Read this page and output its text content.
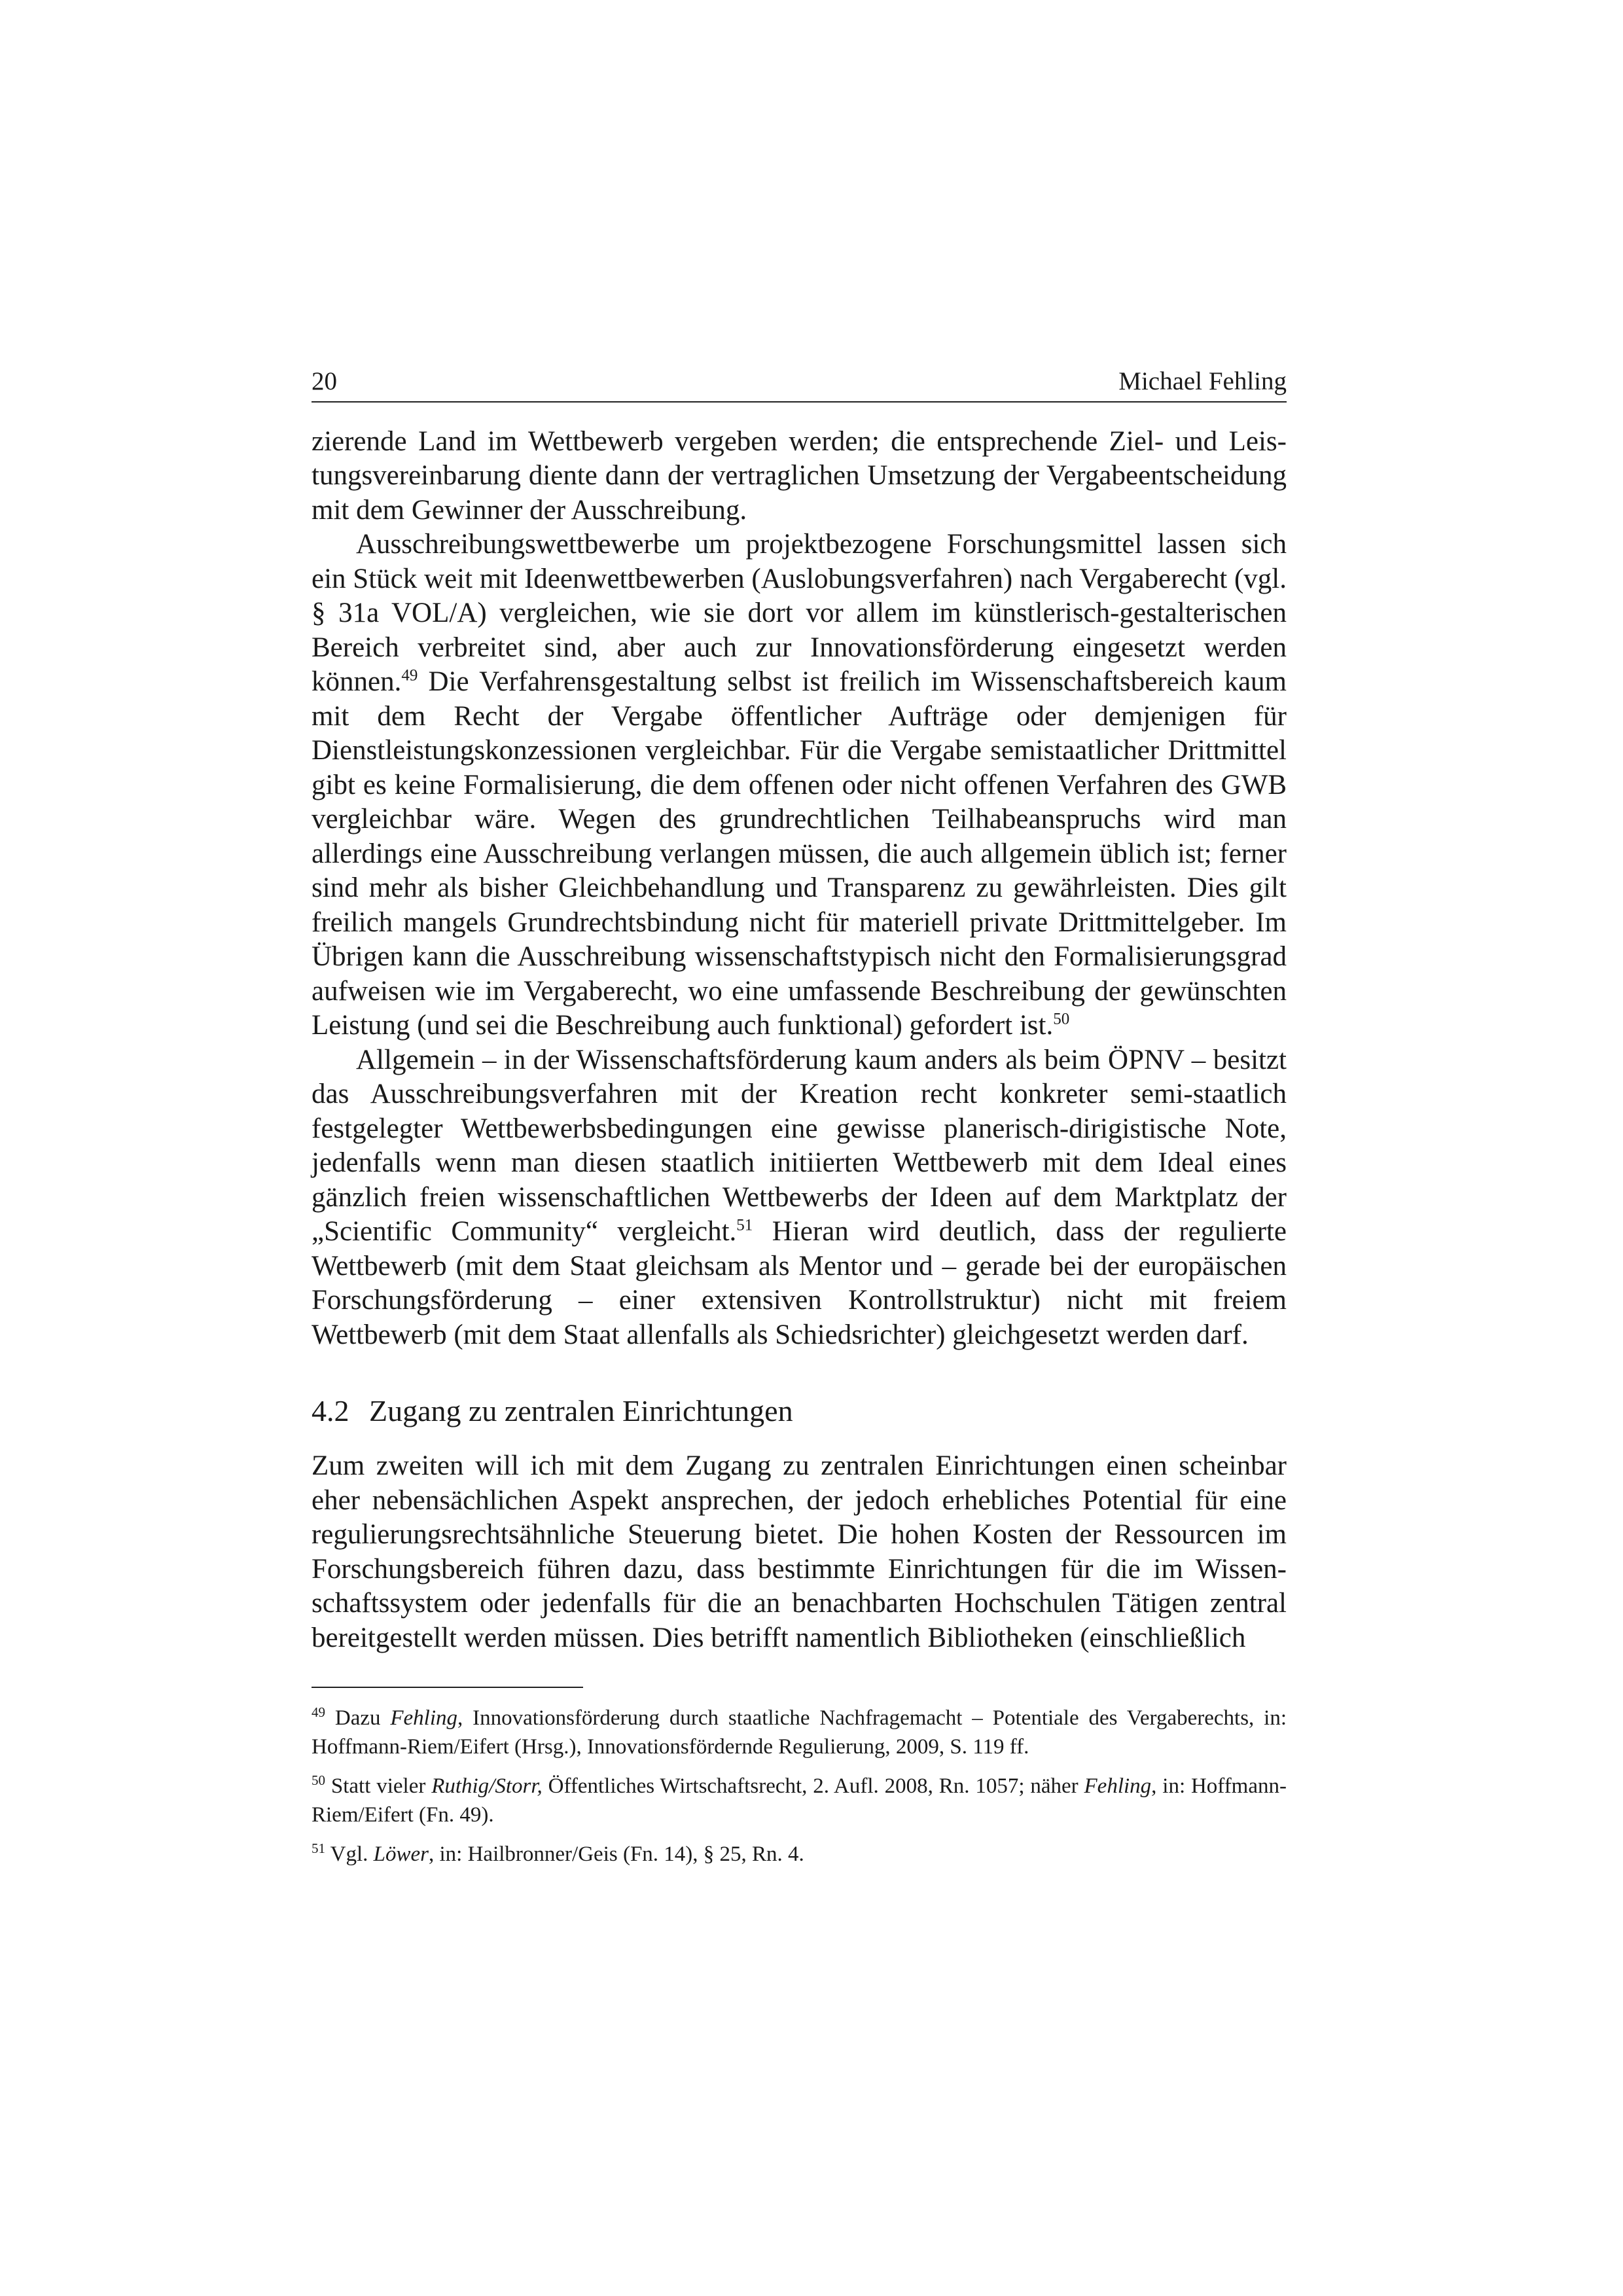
20	Michael Fehling

zierende Land im Wettbewerb vergeben werden; die entsprechende Ziel- und Leistungsvereinbarung diente dann der vertraglichen Umsetzung der Vergabeentscheidung mit dem Gewinner der Ausschreibung.

Ausschreibungswettbewerbe um projektbezogene Forschungsmittel lassen sich ein Stück weit mit Ideenwettbewerben (Auslobungsverfahren) nach Vergaberecht (vgl. § 31a VOL/A) vergleichen, wie sie dort vor allem im künstlerisch-gestalterischen Bereich verbreitet sind, aber auch zur Innovationsförderung eingesetzt werden können.$^{49}$ Die Verfahrensgestaltung selbst ist freilich im Wissenschaftsbereich kaum mit dem Recht der Vergabe öffentlicher Aufträge oder demjenigen für Dienstleistungskonzessionen vergleichbar. Für die Vergabe semistaatlicher Drittmittel gibt es keine Formalisierung, die dem offenen oder nicht offenen Verfahren des GWB vergleichbar wäre. Wegen des grundrechtlichen Teilhabeanspruchs wird man allerdings eine Ausschreibung verlangen müssen, die auch allgemein üblich ist; ferner sind mehr als bisher Gleichbehandlung und Transparenz zu gewährleisten. Dies gilt freilich mangels Grundrechtsbindung nicht für materiell private Drittmittelgeber. Im Übrigen kann die Ausschreibung wissenschaftstypisch nicht den Formalisierungsgrad aufweisen wie im Vergaberecht, wo eine umfassende Beschreibung der gewünschten Leistung (und sei die Beschreibung auch funktional) gefordert ist.$^{50}$

Allgemein – in der Wissenschaftsförderung kaum anders als beim ÖPNV – besitzt das Ausschreibungsverfahren mit der Kreation recht konkreter semi-staatlich festgelegter Wettbewerbsbedingungen eine gewisse planerisch-dirigistische Note, jedenfalls wenn man diesen staatlich initiierten Wettbewerb mit dem Ideal eines gänzlich freien wissenschaftlichen Wettbewerbs der Ideen auf dem Marktplatz der „Scientific Community“ vergleicht.$^{51}$ Hieran wird deutlich, dass der regulierte Wettbewerb (mit dem Staat gleichsam als Mentor und – gerade bei der europäischen Forschungsförderung – einer extensiven Kontrollstruktur) nicht mit freiem Wettbewerb (mit dem Staat allenfalls als Schiedsrichter) gleichgesetzt werden darf.

4.2 Zugang zu zentralen Einrichtungen

Zum zweiten will ich mit dem Zugang zu zentralen Einrichtungen einen scheinbar eher nebensächlichen Aspekt ansprechen, der jedoch erhebliches Potential für eine regulierungsrechtsähnliche Steuerung bietet. Die hohen Kosten der Ressourcen im Forschungsbereich führen dazu, dass bestimmte Einrichtungen für die im Wissenschaftssystem oder jedenfalls für die an benachbarten Hochschulen Tätigen zentral bereitgestellt werden müssen. Dies betrifft namentlich Bibliotheken (einschließlich

$^{49}$ Dazu Fehling, Innovationsförderung durch staatliche Nachfragemacht – Potentiale des Vergaberechts, in: Hoffmann-Riem/Eifert (Hrsg.), Innovationsfördernde Regulierung, 2009, S. 119 ff.

$^{50}$ Statt vieler Ruthig/Storr, Öffentliches Wirtschaftsrecht, 2. Aufl. 2008, Rn. 1057; näher Fehling, in: Hoffmann-Riem/Eifert (Fn. 49).

$^{51}$ Vgl. Löwer, in: Hailbronner/Geis (Fn. 14), § 25, Rn. 4.
